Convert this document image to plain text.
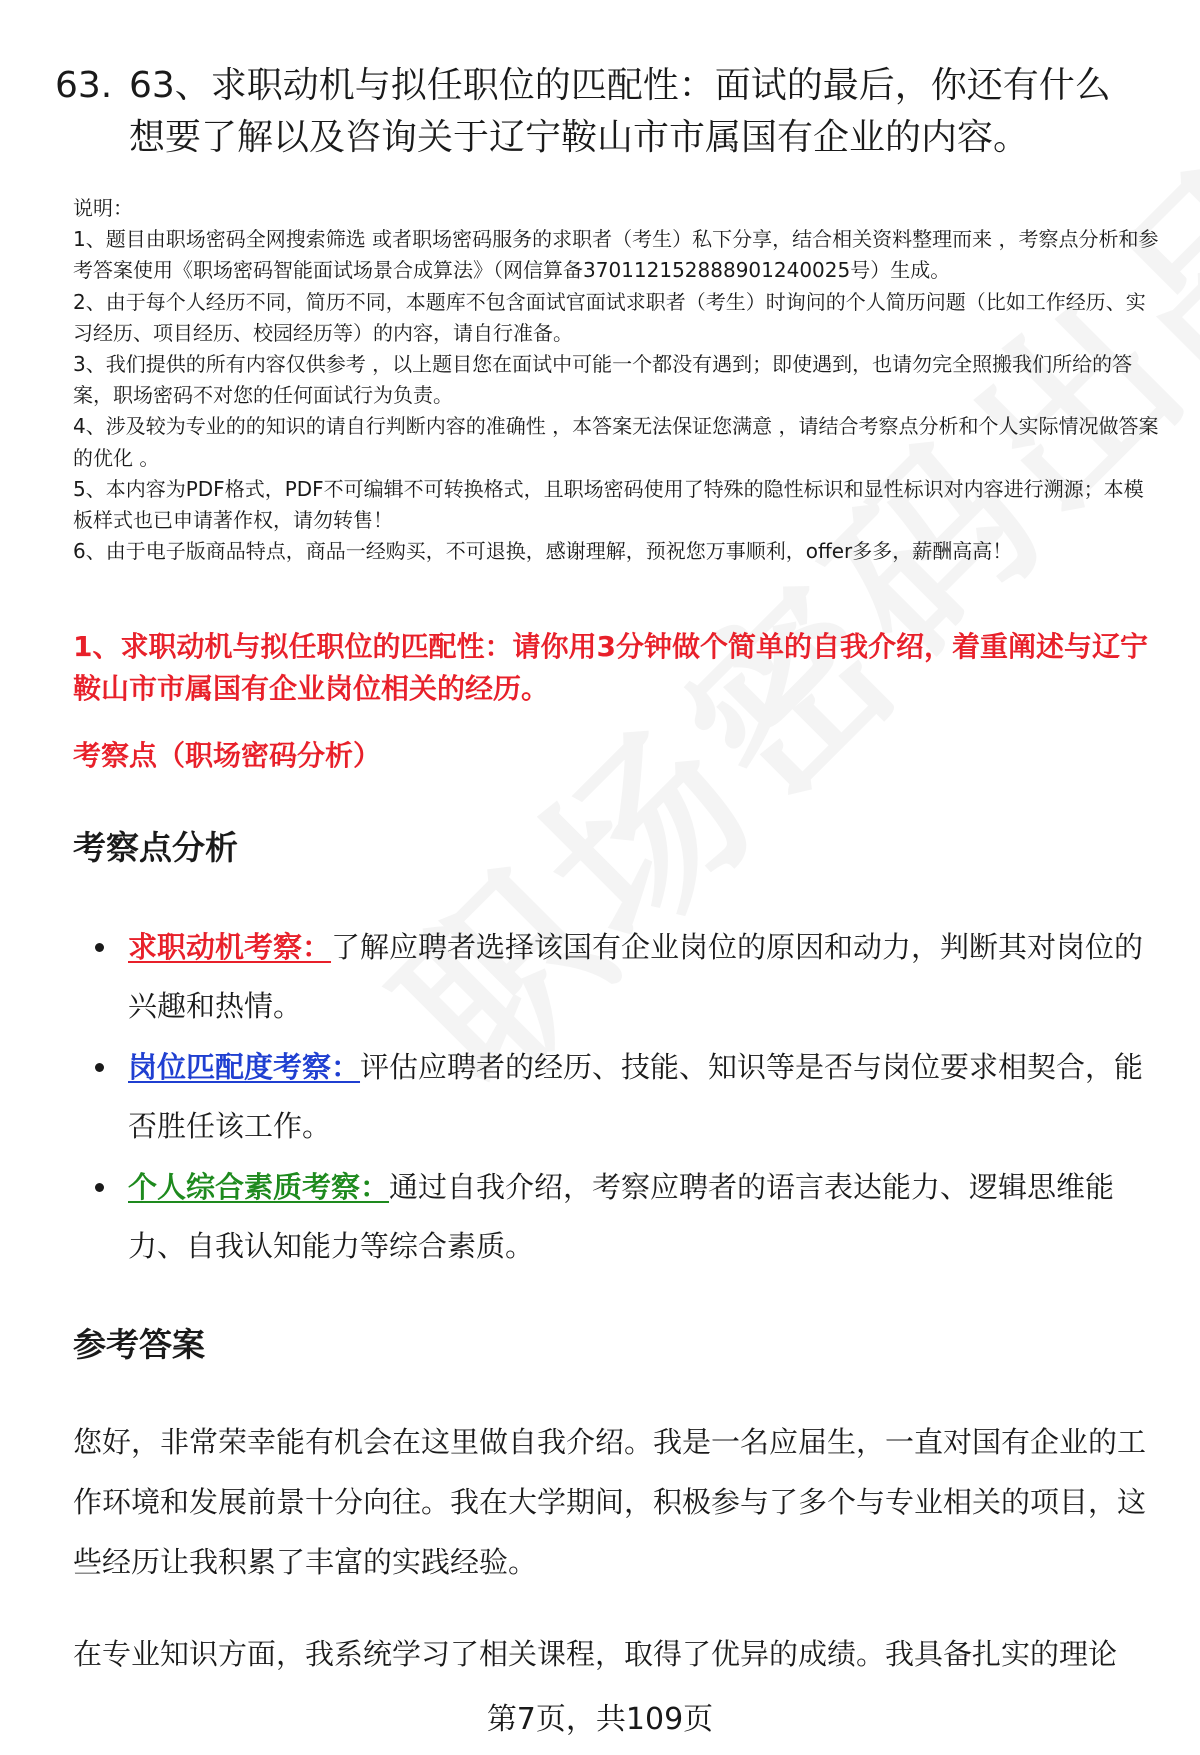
63. 63、求职动机与拟任职位的匹配性：面试的最后，你还有什么想要了解以及咨询关于辽宁鞍山市市属国有企业的内容。
说明：
1、题目由职场密码全网搜索筛选 或者职场密码服务的求职者（考生）私下分享，结合相关资料整理而来 ，考察点分析和参考答案使用《职场密码智能面试场景合成算法》（网信算备370112152888901240025号）生成。
2、由于每个人经历不同，简历不同，本题库不包含面试官面试求职者（考生）时询问的个人简历问题（比如工作经历、实习经历、项目经历、校园经历等）的内容，请自行准备。
3、我们提供的所有内容仅供参考 ，以上题目您在面试中可能一个都没有遇到；即使遇到，也请勿完全照搬我们所给的答案，职场密码不对您的任何面试行为负责。
4、涉及较为专业的的知识的请自行判断内容的准确性 ，本答案无法保证您满意 ，请结合考察点分析和个人实际情况做答案的优化 。
5、本内容为PDF格式，PDF不可编辑不可转换格式，且职场密码使用了特殊的隐性标识和显性标识对内容进行溯源；本模板样式也已申请著作权，请勿转售！
6、由于电子版商品特点，商品一经购买，不可退换，感谢理解，预祝您万事顺利，offer多多，薪酬高高！
1、求职动机与拟任职位的匹配性：请你用3分钟做个简单的自我介绍，着重阐述与辽宁鞍山市市属国有企业岗位相关的经历。
考察点（职场密码分析）
考察点分析
求职动机考察：了解应聘者选择该国有企业岗位的原因和动力，判断其对岗位的兴趣和热情。
岗位匹配度考察：评估应聘者的经历、技能、知识等是否与岗位要求相契合，能否胜任该工作。
个人综合素质考察：通过自我介绍，考察应聘者的语言表达能力、逻辑思维能力、自我认知能力等综合素质。
参考答案

您好，非常荣幸能有机会在这里做自我介绍。我是一名应届生，一直对国有企业的工作环境和发展前景十分向往。我在大学期间，积极参与了多个与专业相关的项目，这些经历让我积累了丰富的实践经验。

在专业知识方面，我系统学习了相关课程，取得了优异的成绩。我具备扎实的理论

第7页，共109页
